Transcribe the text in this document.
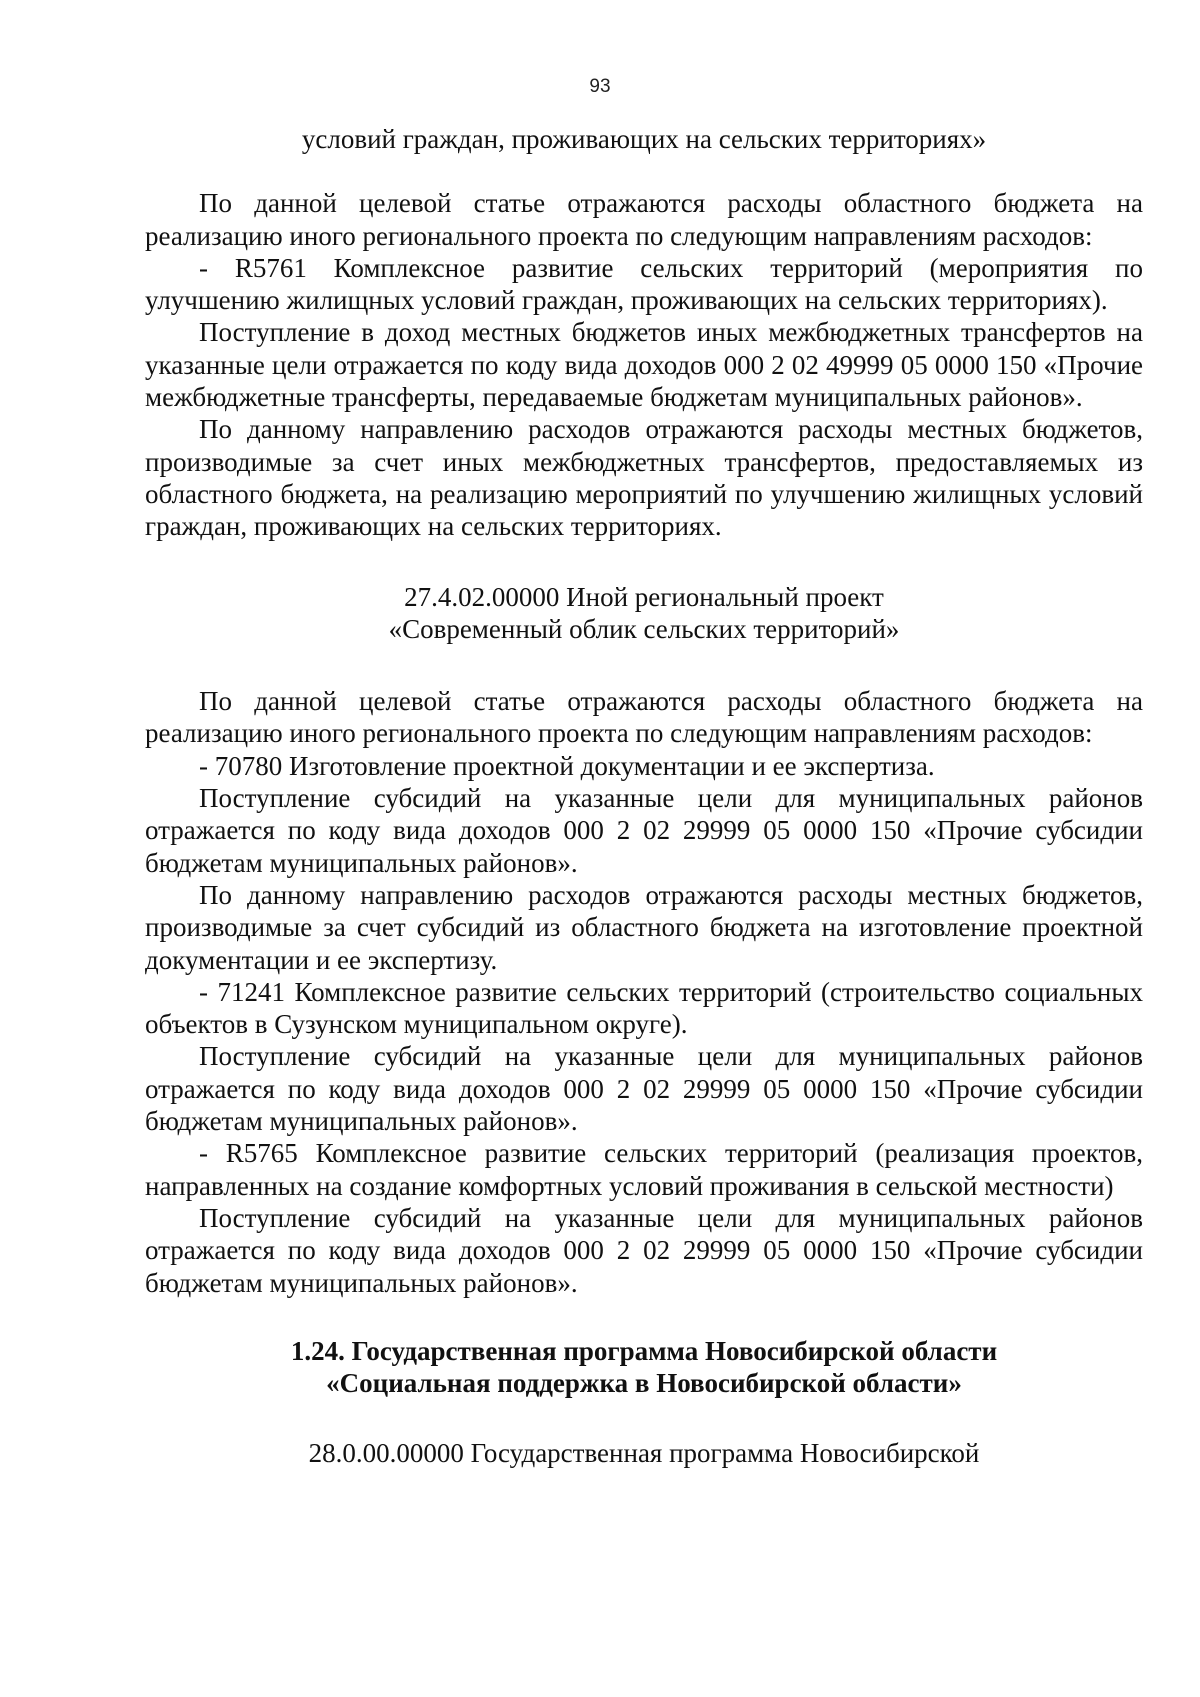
93
условий граждан, проживающих на сельских территориях»

По данной целевой статье отражаются расходы областного бюджета на реализацию иного регионального проекта по следующим направлениям расходов:

- R5761 Комплексное развитие сельских территорий (мероприятия по улучшению жилищных условий граждан, проживающих на сельских территориях).

Поступление в доход местных бюджетов иных межбюджетных трансфертов на указанные цели отражается по коду вида доходов 000 2 02 49999 05 0000 150 «Прочие межбюджетные трансферты, передаваемые бюджетам муниципальных районов».

По данному направлению расходов отражаются расходы местных бюджетов, производимые за счет иных межбюджетных трансфертов, предоставляемых из областного бюджета, на реализацию мероприятий по улучшению жилищных условий граждан, проживающих на сельских территориях.

27.4.02.00000 Иной региональный проект
«Современный облик сельских территорий»

По данной целевой статье отражаются расходы областного бюджета на реализацию иного регионального проекта по следующим направлениям расходов:

- 70780 Изготовление проектной документации и ее экспертиза.

Поступление субсидий на указанные цели для муниципальных районов отражается по коду вида доходов 000 2 02 29999 05 0000 150 «Прочие субсидии бюджетам муниципальных районов».

По данному направлению расходов отражаются расходы местных бюджетов, производимые за счет субсидий из областного бюджета на изготовление проектной документации и ее экспертизу.

- 71241 Комплексное развитие сельских территорий (строительство социальных объектов в Сузунском муниципальном округе).

Поступление субсидий на указанные цели для муниципальных районов отражается по коду вида доходов 000 2 02 29999 05 0000 150 «Прочие субсидии бюджетам муниципальных районов».

- R5765 Комплексное развитие сельских территорий (реализация проектов, направленных на создание комфортных условий проживания в сельской местности)

Поступление субсидий на указанные цели для муниципальных районов отражается по коду вида доходов 000 2 02 29999 05 0000 150 «Прочие субсидии бюджетам муниципальных районов».

1.24. Государственная программа Новосибирской области

«Социальная поддержка в Новосибирской области»

28.0.00.00000 Государственная программа Новосибирской
